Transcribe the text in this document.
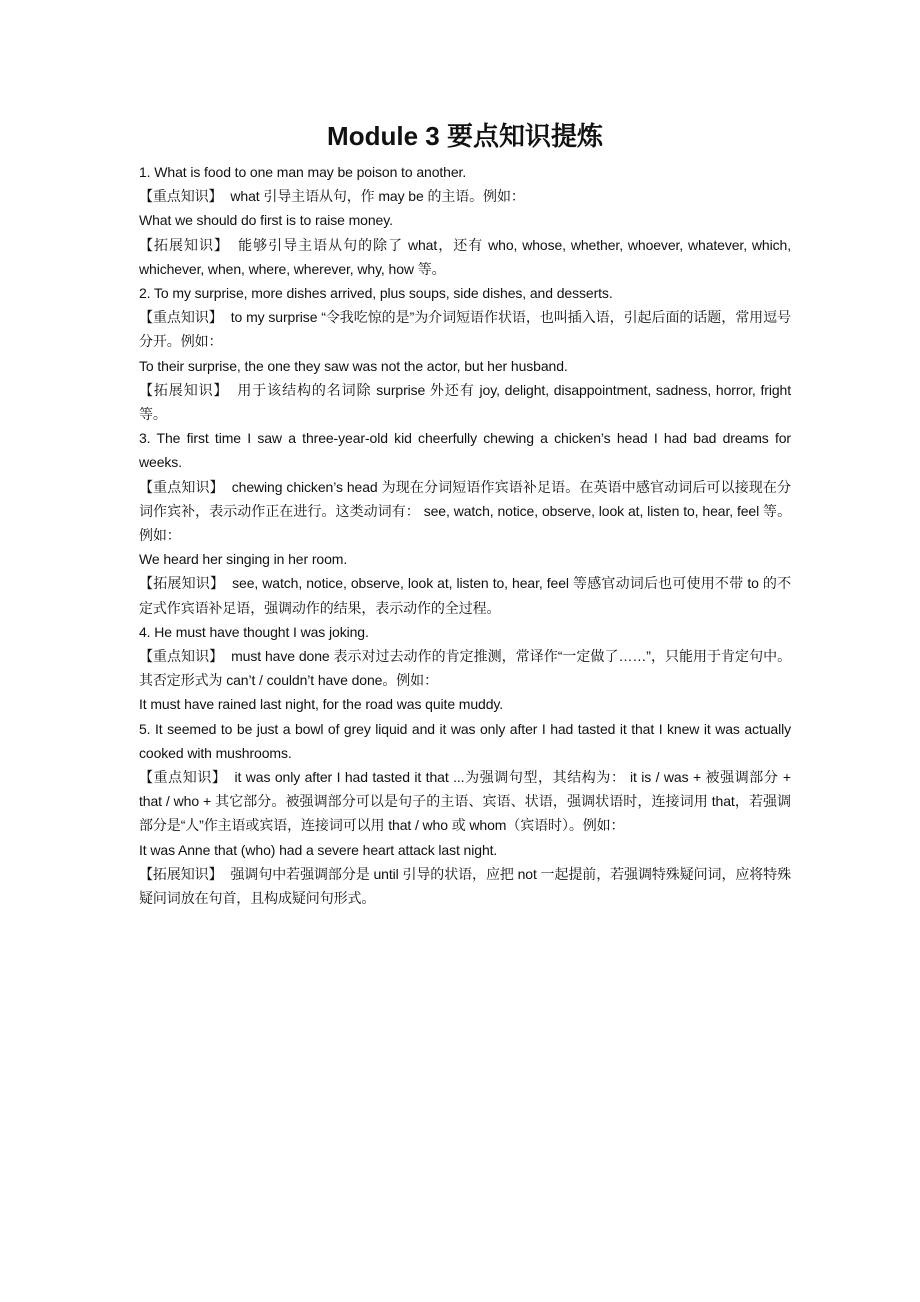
Module 3 要点知识提炼

1. What is food to one man may be poison to another.

【重点知识】 what 引导主语从句，作 may be 的主语。例如：

What we should do first is to raise money.

【拓展知识】 能够引导主语从句的除了 what，还有 who, whose, whether, whoever, whatever, which, whichever, when, where, wherever, why, how 等。

2. To my surprise, more dishes arrived, plus soups, side dishes, and desserts.

【重点知识】 to my surprise “令我吃惊的是”为介词短语作状语，也叫插入语，引起后面的话题，常用逗号分开。例如：

To their surprise, the one they saw was not the actor, but her husband.

【拓展知识】 用于该结构的名词除 surprise 外还有 joy, delight, disappointment, sadness, horror, fright 等。

3. The first time I saw a three-year-old kid cheerfully chewing a chicken’s head I had bad dreams for weeks.

【重点知识】 chewing chicken’s head 为现在分词短语作宾语补足语。在英语中感官动词后可以接现在分词作宾补，表示动作正在进行。这类动词有： see, watch, notice, observe, look at, listen to, hear, feel 等。例如：

We heard her singing in her room.

【拓展知识】 see, watch, notice, observe, look at, listen to, hear, feel 等感官动词后也可使用不带 to 的不定式作宾语补足语，强调动作的结果，表示动作的全过程。

4. He must have thought I was joking.

【重点知识】 must have done 表示对过去动作的肯定推测，常译作“一定做了……”，只能用于肯定句中。其否定形式为 can’t / couldn’t have done。例如：

It must have rained last night, for the road was quite muddy.

5. It seemed to be just a bowl of grey liquid and it was only after I had tasted it that I knew it was actually cooked with mushrooms.

【重点知识】 it was only after I had tasted it that ...为强调句型，其结构为： it is / was + 被强调部分 + that / who + 其它部分。被强调部分可以是句子的主语、宾语、状语，强调状语时，连接词用 that，若强调部分是“人”作主语或宾语，连接词可以用 that / who 或 whom（宾语时）。例如：

It was Anne that (who) had a severe heart attack last night.

【拓展知识】 强调句中若强调部分是 until 引导的状语，应把 not 一起提前，若强调特殊疑问词，应将特殊疑问词放在句首，且构成疑问句形式。
